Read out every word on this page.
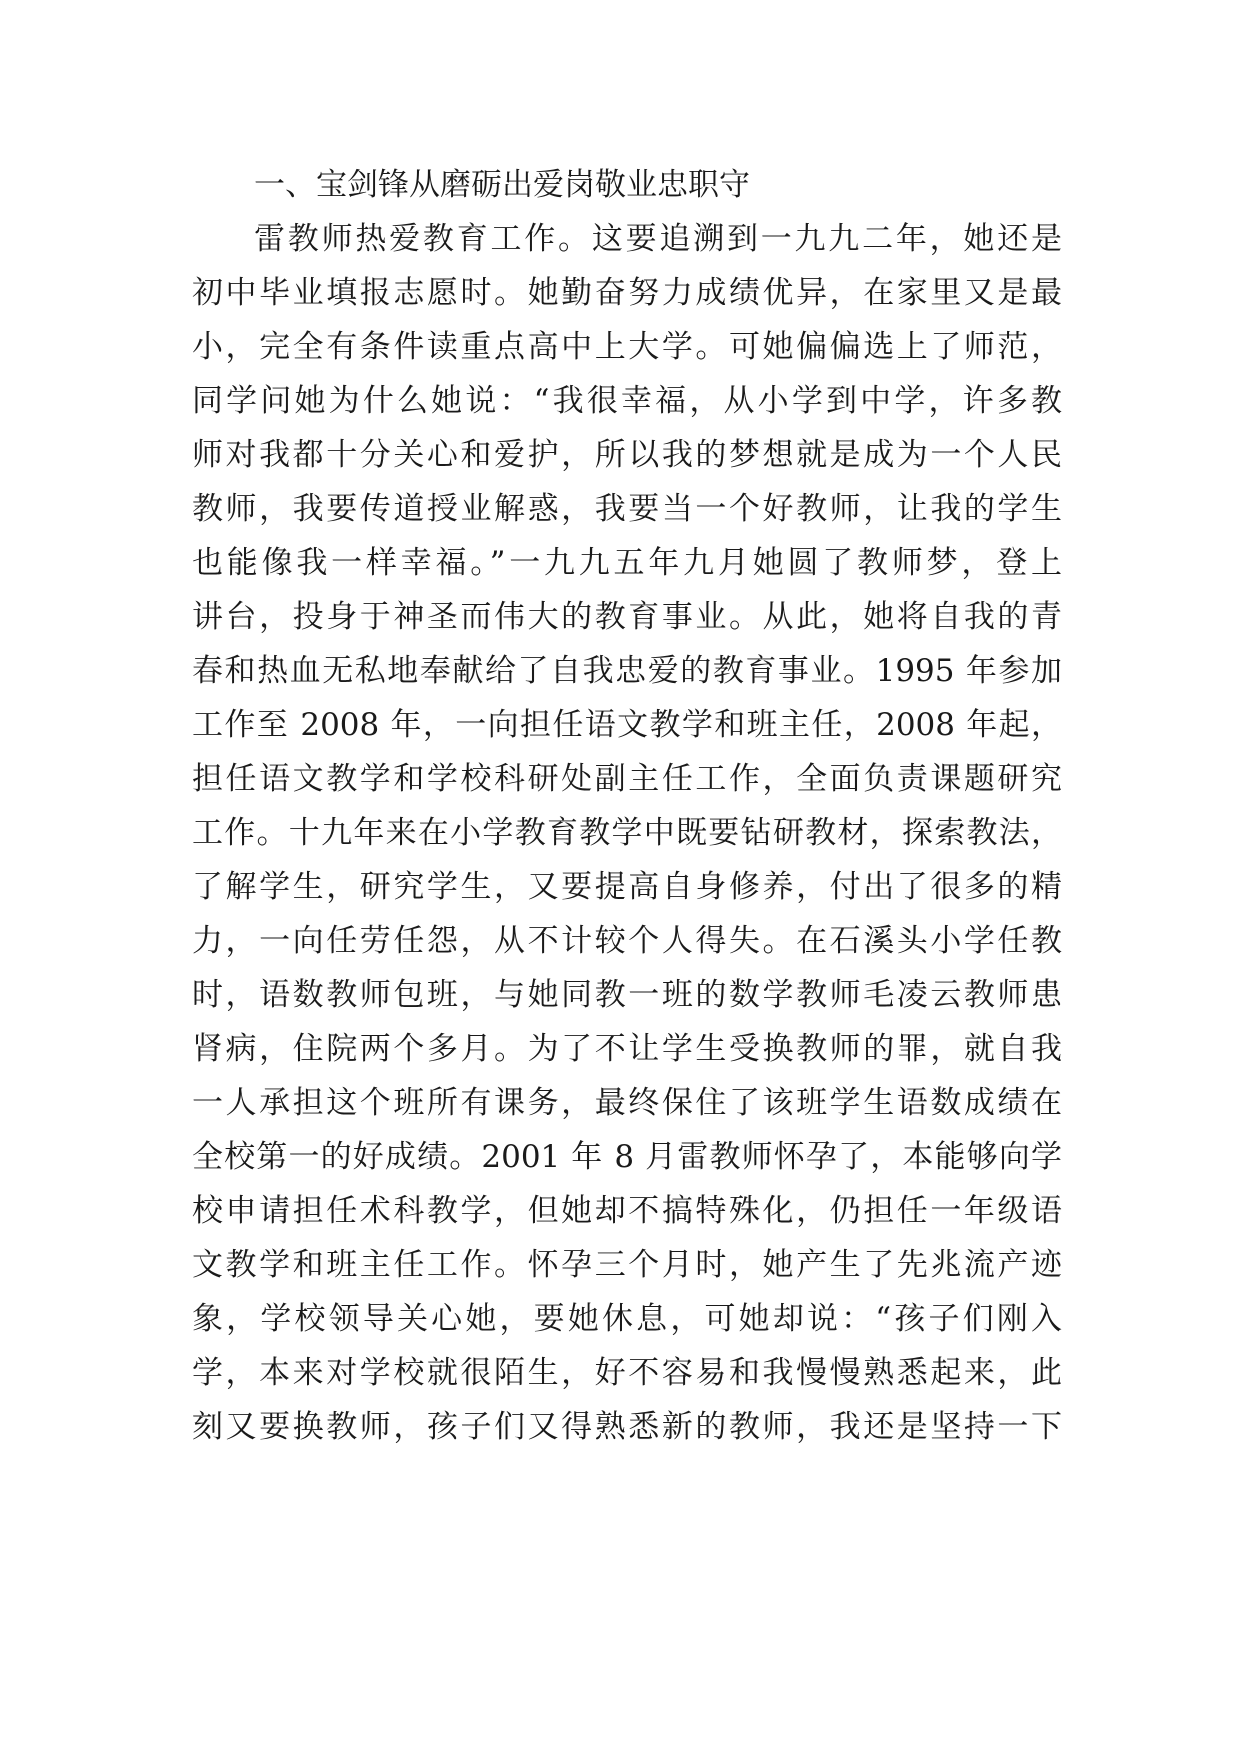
一、宝剑锋从磨砺出爱岗敬业忠职守
雷教师热爱教育工作。这要追溯到一九九二年，她还是
初中毕业填报志愿时。她勤奋努力成绩优异，在家里又是最
小，完全有条件读重点高中上大学。可她偏偏选上了师范，
同学问她为什么她说：“我很幸福，从小学到中学，许多教
师对我都十分关心和爱护，所以我的梦想就是成为一个人民
教师，我要传道授业解惑，我要当一个好教师，让我的学生
也能像我一样幸福。”一九九五年九月她圆了教师梦，登上
讲台，投身于神圣而伟大的教育事业。从此，她将自我的青
春和热血无私地奉献给了自我忠爱的教育事业。1995 年参加
工作至 2008 年，一向担任语文教学和班主任，2008 年起，
担任语文教学和学校科研处副主任工作，全面负责课题研究
工作。十九年来在小学教育教学中既要钻研教材，探索教法，
了解学生，研究学生，又要提高自身修养，付出了很多的精
力，一向任劳任怨，从不计较个人得失。在石溪头小学任教
时，语数教师包班，与她同教一班的数学教师毛凌云教师患
肾病，住院两个多月。为了不让学生受换教师的罪，就自我
一人承担这个班所有课务，最终保住了该班学生语数成绩在
全校第一的好成绩。2001 年 8 月雷教师怀孕了，本能够向学
校申请担任术科教学，但她却不搞特殊化，仍担任一年级语
文教学和班主任工作。怀孕三个月时，她产生了先兆流产迹
象，学校领导关心她，要她休息，可她却说：“孩子们刚入
学，本来对学校就很陌生，好不容易和我慢慢熟悉起来，此
刻又要换教师，孩子们又得熟悉新的教师，我还是坚持一下
